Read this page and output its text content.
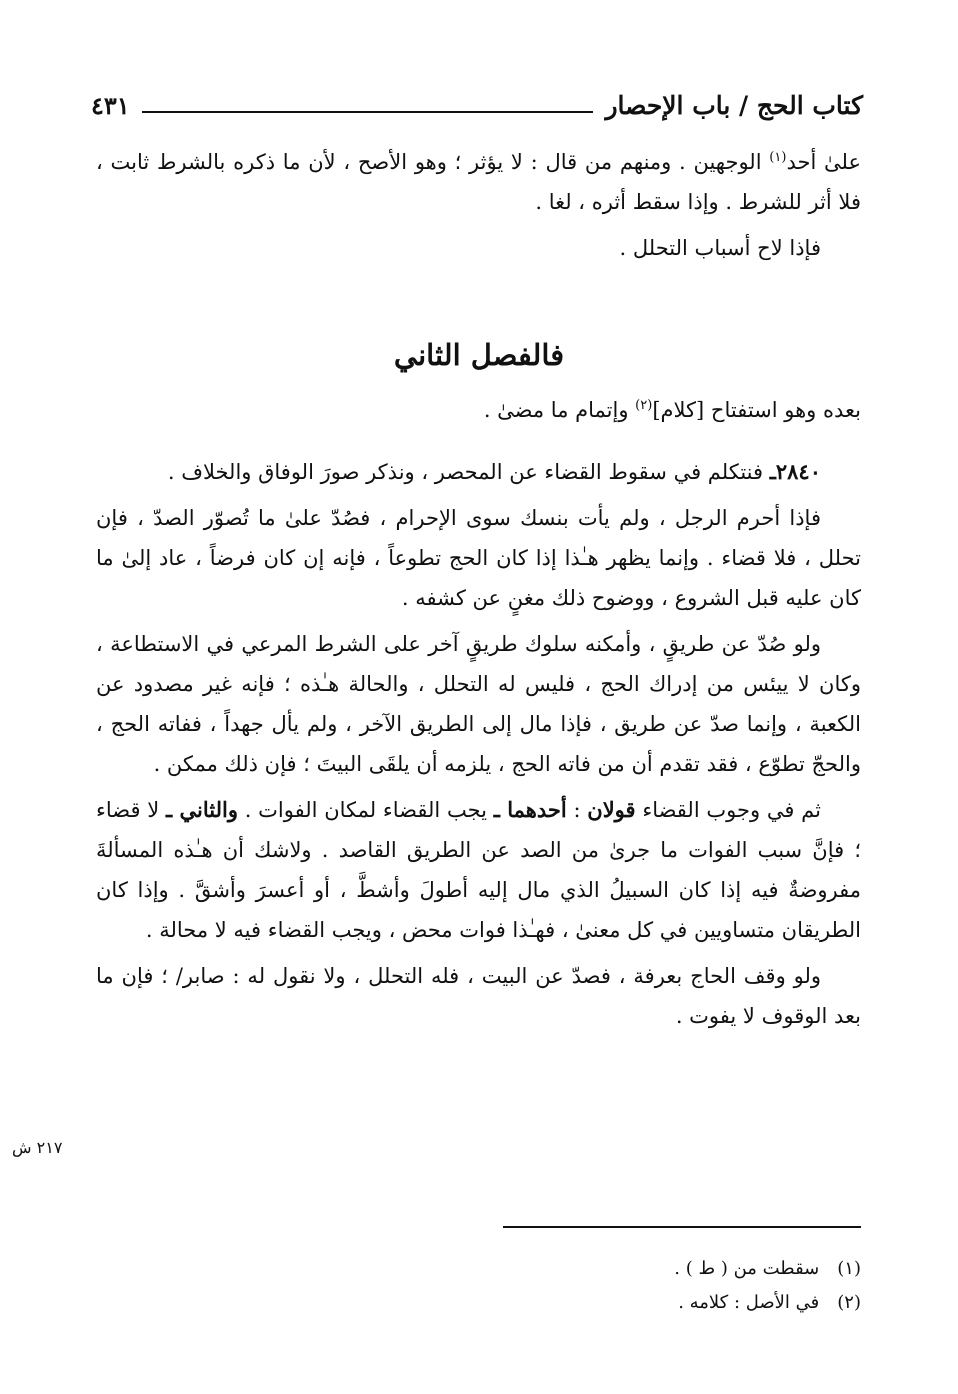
كتاب الحج / باب الإحصار
٤٣١

علىٰ أحد$^{(١)}$ الوجهين . ومنهم من قال : لا يؤثر ؛ وهو الأصح ، لأن ما ذكره بالشرط ثابت ، فلا أثر للشرط . وإذا سقط أثره ، لغا .

فإذا لاح أسباب التحلل .

فالفصل الثاني

بعده وهو استفتاح [كلام]$^{(٢)}$ وإتمام ما مضىٰ .

٢٨٤٠ـ فنتكلم في سقوط القضاء عن المحصر ، ونذكر صورَ الوفاق والخلاف .

فإذا أحرم الرجل ، ولم يأت بنسك سوى الإحرام ، فصُدّ علىٰ ما تُصوّر الصدّ ، فإن تحلل ، فلا قضاء . وإنما يظهر هـٰذا إذا كان الحج تطوعاً ، فإنه إن كان فرضاً ، عاد إلىٰ ما كان عليه قبل الشروع ، ووضوح ذلك مغنٍ عن كشفه .

ولو صُدّ عن طريقٍ ، وأمكنه سلوك طريقٍ آخر على الشرط المرعي في الاستطاعة ، وكان لا ييئس من إدراك الحج ، فليس له التحلل ، والحالة هـٰذه ؛ فإنه غير مصدود عن الكعبة ، وإنما صدّ عن طريق ، فإذا مال إلى الطريق الآخر ، ولم يأل جهداً ، ففاته الحج ، والحجّ تطوّع ، فقد تقدم أن من فاته الحج ، يلزمه أن يلقَى البيتَ ؛ فإن ذلك ممكن .

ثم في وجوب القضاء قولان : أحدهما ـ يجب القضاء لمكان الفوات . والثاني ـ لا قضاء ؛ فإنَّ سبب الفوات ما جرىٰ من الصد عن الطريق القاصد . ولاشك أن هـٰذه المسألةَ مفروضةٌ فيه إذا كان السبيلُ الذي مال إليه أطولَ وأشطَّ ، أو أعسرَ وأشقَّ . وإذا كان الطريقان متساويين في كل معنىٰ ، فهـٰذا فوات محض ، ويجب القضاء فيه لا محالة .

ولو وقف الحاج بعرفة ، فصدّ عن البيت ، فله التحلل ، ولا نقول له : صابر/ ؛ فإن ما بعد الوقوف لا يفوت .

٢١٧ ش
(١)
سقطت من ( ط ) .
(٢)
في الأصل : كلامه .
